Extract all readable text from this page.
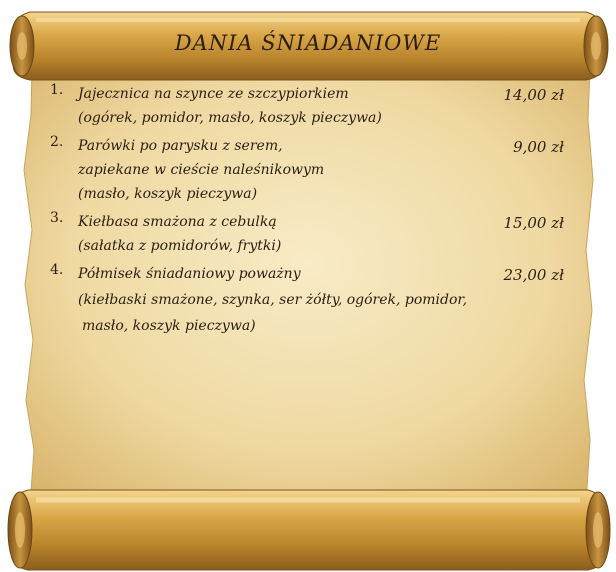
DANIA ŚNIADANIOWE
1. Jajecznica na szynce ze szczypiorkiem	14,00 zł
(ogórek, pomidor, masło, koszyk pieczywa)
2. Parówki po parysku z serem,	9,00 zł
zapiekane w cieście naleśnikowym
(masło, koszyk pieczywa)
3. Kiełbasa smażona z cebulką	15,00 zł
(sałatka z pomidorów, frytki)
4. Półmisek śniadaniowy poważny	23,00 zł
(kiełbaski smażone, szynka, ser żółty, ogórek, pomidor,
masło, koszyk pieczywa)
